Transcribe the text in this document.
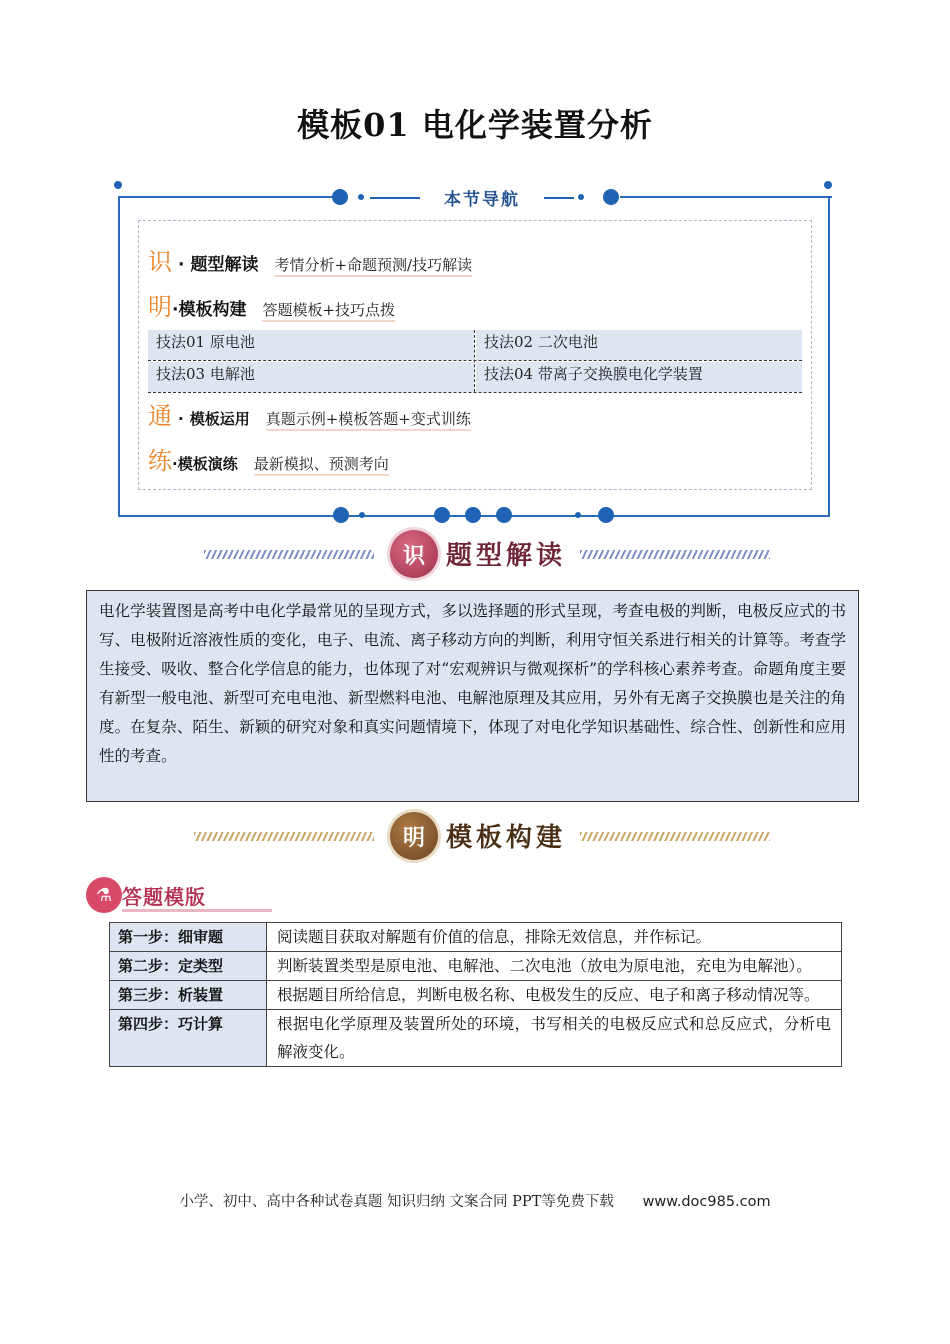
模板01 电化学装置分析
本节导航
识 · 题型解读 考情分析+命题预测/技巧解读
明 · 模板构建 答题模板+技巧点拨
技法01 原电池	技法02 二次电池
技法03 电解池	技法04 带离子交换膜电化学装置
通 · 模板运用 真题示例+模板答题+变式训练
练 · 模板演练 最新模拟、预测考向
识 题型解读
电化学装置图是高考中电化学最常见的呈现方式，多以选择题的形式呈现，考查电极的判断，电极反应式的书写、电极附近溶液性质的变化，电子、电流、离子移动方向的判断，利用守恒关系进行相关的计算等。考查学生接受、吸收、整合化学信息的能力，也体现了对“宏观辨识与微观探析”的学科核心素养考查。命题角度主要有新型一般电池、新型可充电电池、新型燃料电池、电解池原理及其应用，另外有无离子交换膜也是关注的角度。在复杂、陌生、新颖的研究对象和真实问题情境下，体现了对电化学知识基础性、综合性、创新性和应用性的考查。
明 模板构建
⚗ 答题模版
第一步：细审题	阅读题目获取对解题有价值的信息，排除无效信息，并作标记。
第二步：定类型	判断装置类型是原电池、电解池、二次电池（放电为原电池，充电为电解池）。
第三步：析装置	根据题目所给信息，判断电极名称、电极发生的反应、电子和离子移动情况等。
第四步：巧计算	根据电化学原理及装置所处的环境，书写相关的电极反应式和总反应式，分析电解液变化。
小学、初中、高中各种试卷真题 知识归纳 文案合同 PPT等免费下载 www.doc985.com
